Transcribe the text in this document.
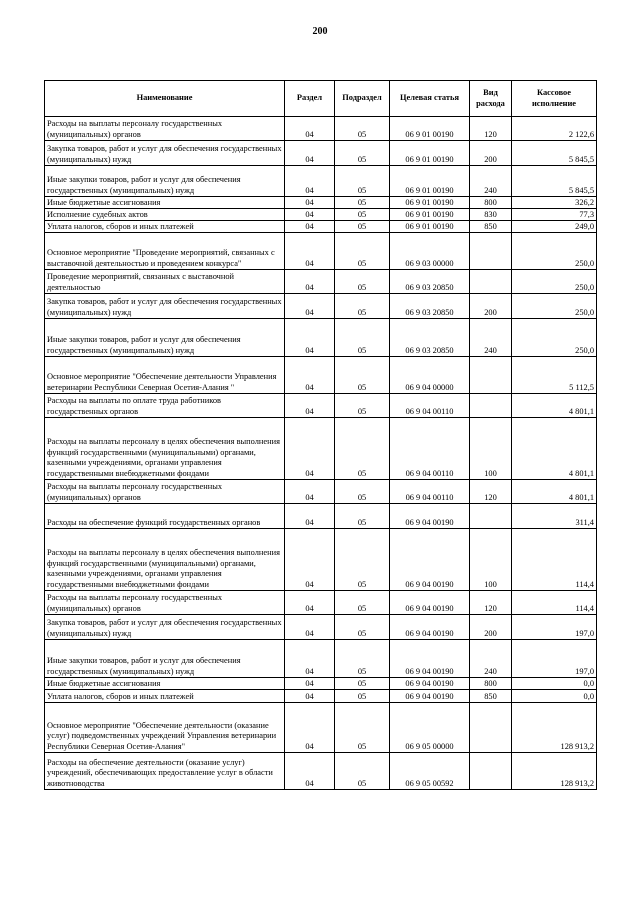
200
Наименование	Раздел	Подраздел	Целевая статья	Вид расхода	Кассовое исполнение
Расходы на выплаты персоналу государственных (муниципальных) органов	04	05	06 9 01 00190	120	2 122,6
Закупка товаров, работ и услуг для обеспечения государственных (муниципальных) нужд	04	05	06 9 01 00190	200	5 845,5
Иные закупки товаров, работ и услуг для обеспечения государственных (муниципальных) нужд	04	05	06 9 01 00190	240	5 845,5
Иные бюджетные ассигнования	04	05	06 9 01 00190	800	326,2
Исполнение судебных актов	04	05	06 9 01 00190	830	77,3
Уплата налогов, сборов и иных платежей	04	05	06 9 01 00190	850	249,0
Основное мероприятие "Проведение мероприятий, связанных с выставочной деятельностью и проведением конкурса"	04	05	06 9 03 00000		250,0
Проведение мероприятий, связанных с выставочной деятельностью	04	05	06 9 03 20850		250,0
Закупка товаров, работ и услуг для обеспечения государственных (муниципальных) нужд	04	05	06 9 03 20850	200	250,0
Иные закупки товаров, работ и услуг для обеспечения государственных (муниципальных) нужд	04	05	06 9 03 20850	240	250,0
Основное мероприятие "Обеспечение деятельности Управления ветеринарии Республики Северная Осетия-Алания "	04	05	06 9 04 00000		5 112,5
Расходы на выплаты по оплате труда работников государственных органов	04	05	06 9 04 00110		4 801,1
Расходы на выплаты персоналу в целях обеспечения выполнения функций государственными (муниципальными) органами, казенными учреждениями, органами управления государственными внебюджетными фондами	04	05	06 9 04 00110	100	4 801,1
Расходы на выплаты персоналу государственных (муниципальных) органов	04	05	06 9 04 00110	120	4 801,1
Расходы на обеспечение функций государственных органов	04	05	06 9 04 00190		311,4
Расходы на выплаты персоналу в целях обеспечения выполнения функций государственными (муниципальными) органами, казенными учреждениями, органами управления государственными внебюджетными фондами	04	05	06 9 04 00190	100	114,4
Расходы на выплаты персоналу государственных (муниципальных) органов	04	05	06 9 04 00190	120	114,4
Закупка товаров, работ и услуг для обеспечения государственных (муниципальных) нужд	04	05	06 9 04 00190	200	197,0
Иные закупки товаров, работ и услуг для обеспечения государственных (муниципальных) нужд	04	05	06 9 04 00190	240	197,0
Иные бюджетные ассигнования	04	05	06 9 04 00190	800	0,0
Уплата налогов, сборов и иных платежей	04	05	06 9 04 00190	850	0,0
Основное мероприятие "Обеспечение деятельности (оказание услуг) подведомственных учреждений Управления ветеринарии Республики Северная Осетия-Алания"	04	05	06 9 05 00000		128 913,2
Расходы на обеспечение деятельности (оказание услуг) учреждений, обеспечивающих предоставление услуг в области животноводства	04	05	06 9 05 00592		128 913,2
